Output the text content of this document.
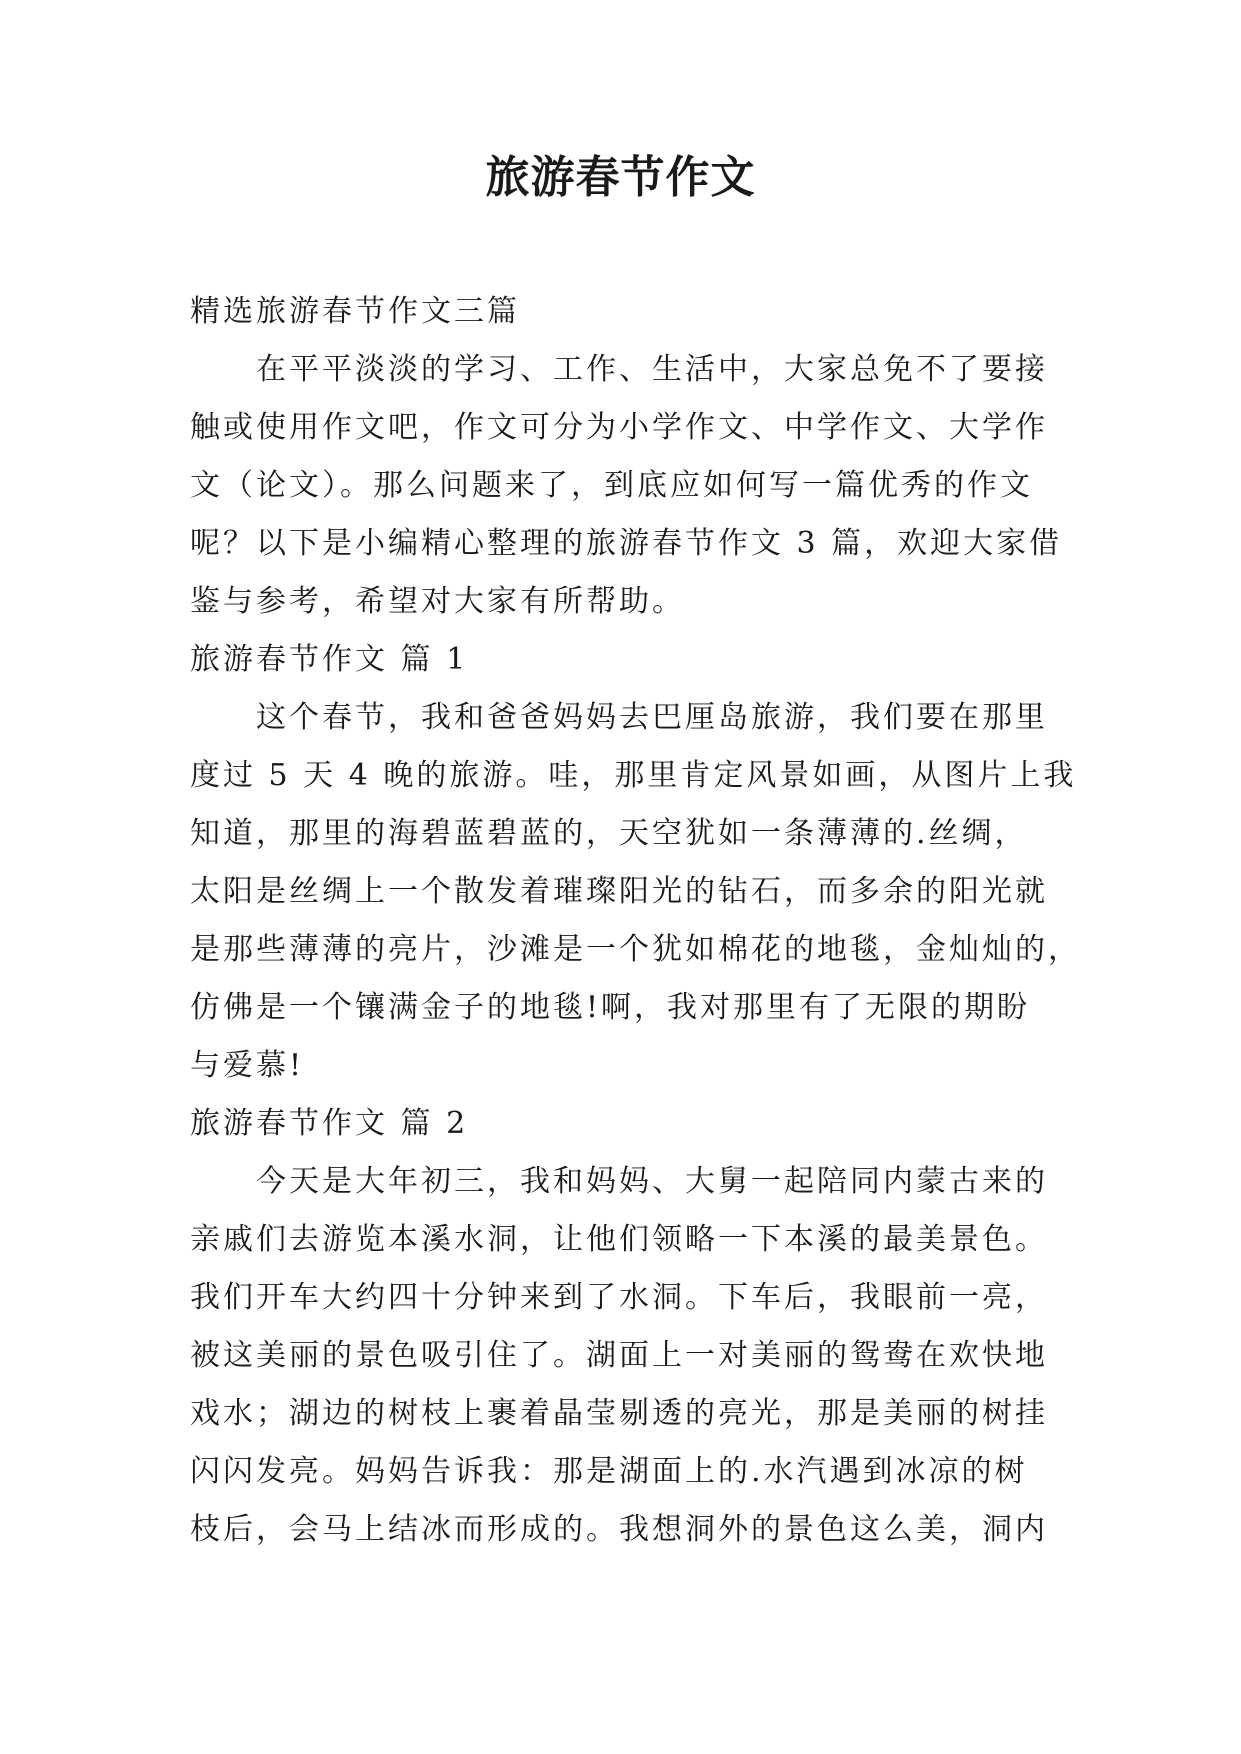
旅游春节作文
精选旅游春节作文三篇
在平平淡淡的学习、工作、生活中，大家总免不了要接
触或使用作文吧，作文可分为小学作文、中学作文、大学作
文（论文）。那么问题来了，到底应如何写一篇优秀的作文
呢？以下是小编精心整理的旅游春节作文 3 篇，欢迎大家借
鉴与参考，希望对大家有所帮助。
旅游春节作文 篇 1
这个春节，我和爸爸妈妈去巴厘岛旅游，我们要在那里
度过 5 天 4 晚的旅游。哇，那里肯定风景如画，从图片上我
知道，那里的海碧蓝碧蓝的，天空犹如一条薄薄的.丝绸，
太阳是丝绸上一个散发着璀璨阳光的钻石，而多余的阳光就
是那些薄薄的亮片，沙滩是一个犹如棉花的地毯，金灿灿的，
仿佛是一个镶满金子的地毯!啊，我对那里有了无限的期盼
与爱慕!
旅游春节作文 篇 2
今天是大年初三，我和妈妈、大舅一起陪同内蒙古来的
亲戚们去游览本溪水洞，让他们领略一下本溪的最美景色。
我们开车大约四十分钟来到了水洞。下车后，我眼前一亮，
被这美丽的景色吸引住了。湖面上一对美丽的鸳鸯在欢快地
戏水；湖边的树枝上裹着晶莹剔透的亮光，那是美丽的树挂
闪闪发亮。妈妈告诉我：那是湖面上的.水汽遇到冰凉的树
枝后，会马上结冰而形成的。我想洞外的景色这么美，洞内
